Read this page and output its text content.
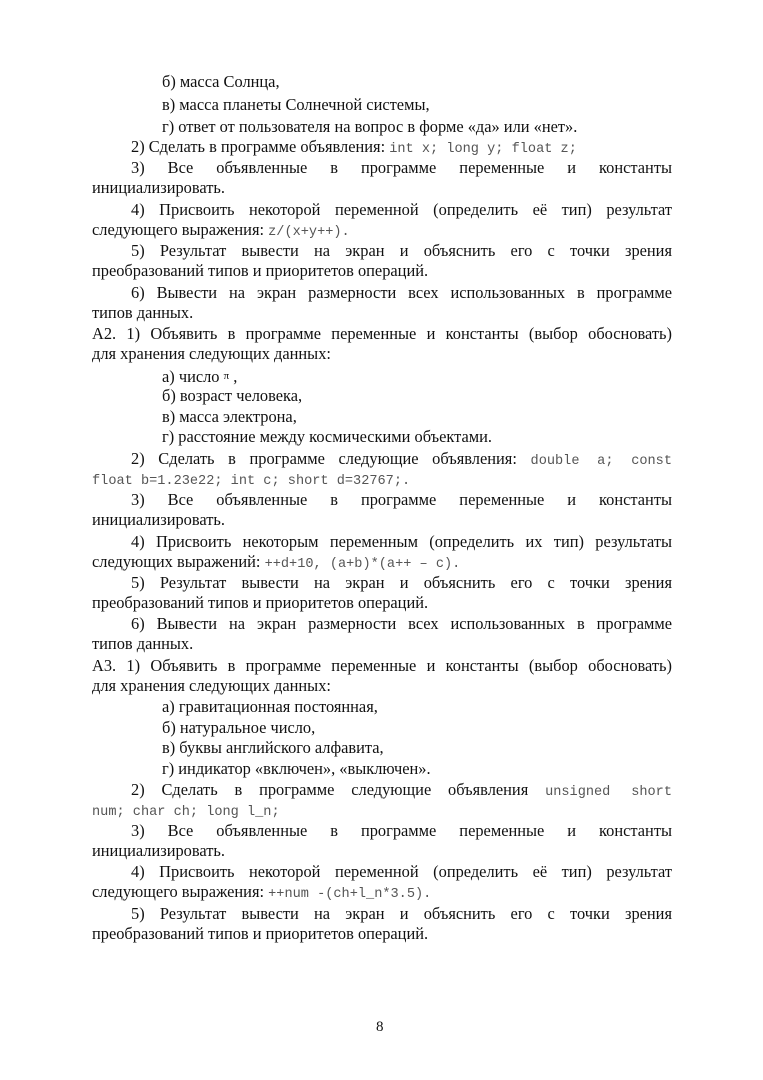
б) масса Солнца,
в) масса планеты Солнечной системы,
г) ответ от пользователя на вопрос в форме «да» или «нет».
2) Сделать в программе объявления: int x; long y; float z;
3) Все объявленные в программе переменные и константы
инициализировать.
4) Присвоить некоторой переменной (определить её тип) результат
следующего выражения: z/(x+y++).
5) Результат вывести на экран и объяснить его с точки зрения
преобразований типов и приоритетов операций.
6) Вывести на экран размерности всех использованных в программе
типов данных.
А2. 1) Объявить в программе переменные и константы (выбор обосновать)
для хранения следующих данных:
а) число π ,
б) возраст человека,
в) масса электрона,
г) расстояние между космическими объектами.
2) Сделать в программе следующие объявления: double a; const
float b=1.23e22; int c; short d=32767;.
3) Все объявленные в программе переменные и константы
инициализировать.
4) Присвоить некоторым переменным (определить их тип) результаты
следующих выражений: ++d+10, (a+b)*(a++ – c).
5) Результат вывести на экран и объяснить его с точки зрения
преобразований типов и приоритетов операций.
6) Вывести на экран размерности всех использованных в программе
типов данных.
А3. 1) Объявить в программе переменные и константы (выбор обосновать)
для хранения следующих данных:
а) гравитационная постоянная,
б) натуральное число,
в) буквы английского алфавита,
г) индикатор «включен», «выключен».
2) Сделать в программе следующие объявления unsigned short
num; char ch; long l_n;
3) Все объявленные в программе переменные и константы
инициализировать.
4) Присвоить некоторой переменной (определить её тип) результат
следующего выражения: ++num -(ch+l_n*3.5).
5) Результат вывести на экран и объяснить его с точки зрения
преобразований типов и приоритетов операций.
8
